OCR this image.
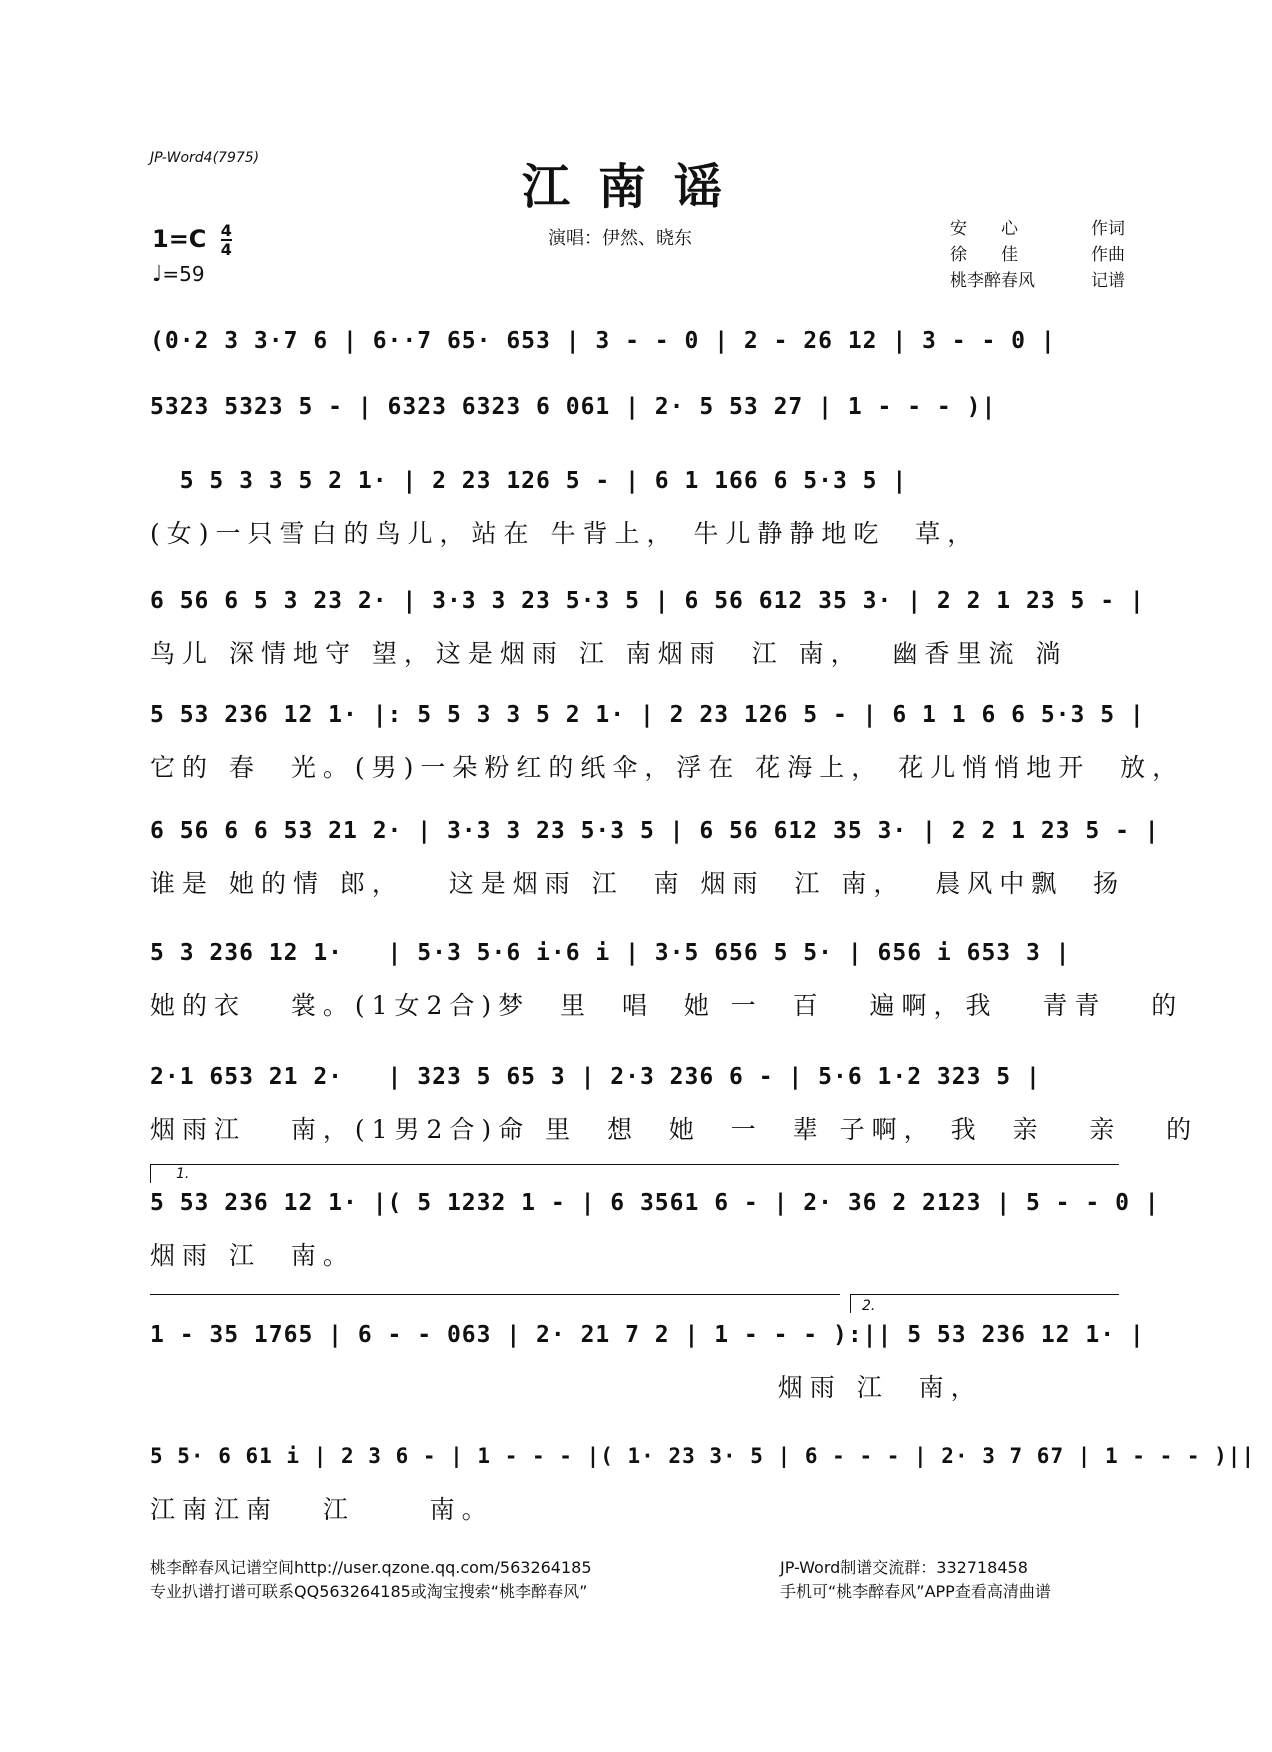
JP-Word4(7975)
江南谣
$1=C \frac{4}{4}$
♩=59
演唱：伊然、晓东	安　　心	作词
徐　　佳	作曲
桃李醉春风	记谱
(0·2 3 3·7 6 | 6··7 65· 653 | 3 - - 0 | 2 - 26 12 | 3 - - 0 |
5323 5323 5 - | 6323 6323 6 061 | 2· 5 53 27 | 1 - - - )|
5 5 3 3 5 2 1· | 2 23 126 5 - | 6 1 166 6 5·3 5 |
(女)一只雪白的鸟儿，站在 牛背上， 牛儿静静地吃  草，
6 56 6 5 3 23 2· | 3·3 3 23 5·3 5 | 6 56 612 35 3· | 2 2 1 23 5 - |
鸟儿 深情地守 望，这是烟雨 江 南烟雨  江 南，  幽香里流 淌
5 53 236 12 1· |: 5 5 3 3 5 2 1· | 2 23 126 5 - | 6 1 1 6 6 5·3 5 |
它的 春  光。(男)一朵粉红的纸伞，浮在 花海上， 花儿悄悄地开  放，
6 56 6 6 53 21 2· | 3·3 3 23 5·3 5 | 6 56 612 35 3· | 2 2 1 23 5 - |
谁是 她的情 郎，   这是烟雨 江  南 烟雨  江 南，  晨风中飘  扬
5 3 236 12 1·   | 5·3 5·6 i·6 i | 3·5 656 5 5· | 656 i 653 3 |
她的衣   裳。(1女2合)梦  里  唱  她 一  百   遍啊，我   青青   的
2·1 653 21 2·   | 323 5 65 3 | 2·3 236 6 - | 5·6 1·2 323 5 |
烟雨江   南，(1男2合)命 里  想  她  一  辈 子啊， 我  亲   亲   的
1.
5 53 236 12 1· |( 5 1232 1 - | 6 3561 6 - | 2· 36 2 2123 | 5 - - 0 |
烟雨 江  南。
2.
1 - 35 1765 | 6 - - 063 | 2· 21 7 2 | 1 - - - ):|| 5 53 236 12 1· |
烟雨 江  南，
5 5· 6 61 i | 2 3 6 - | 1 - - - |( 1· 23 3· 5 | 6 - - - | 2· 3 7 67 | 1 - - - )||
江南江南   江     南。
桃李醉春风记谱空间http://user.qzone.qq.com/563264185
专业扒谱打谱可联系QQ563264185或淘宝搜索“桃李醉春风”
JP-Word制谱交流群：332718458
手机可“桃李醉春风”APP查看高清曲谱
